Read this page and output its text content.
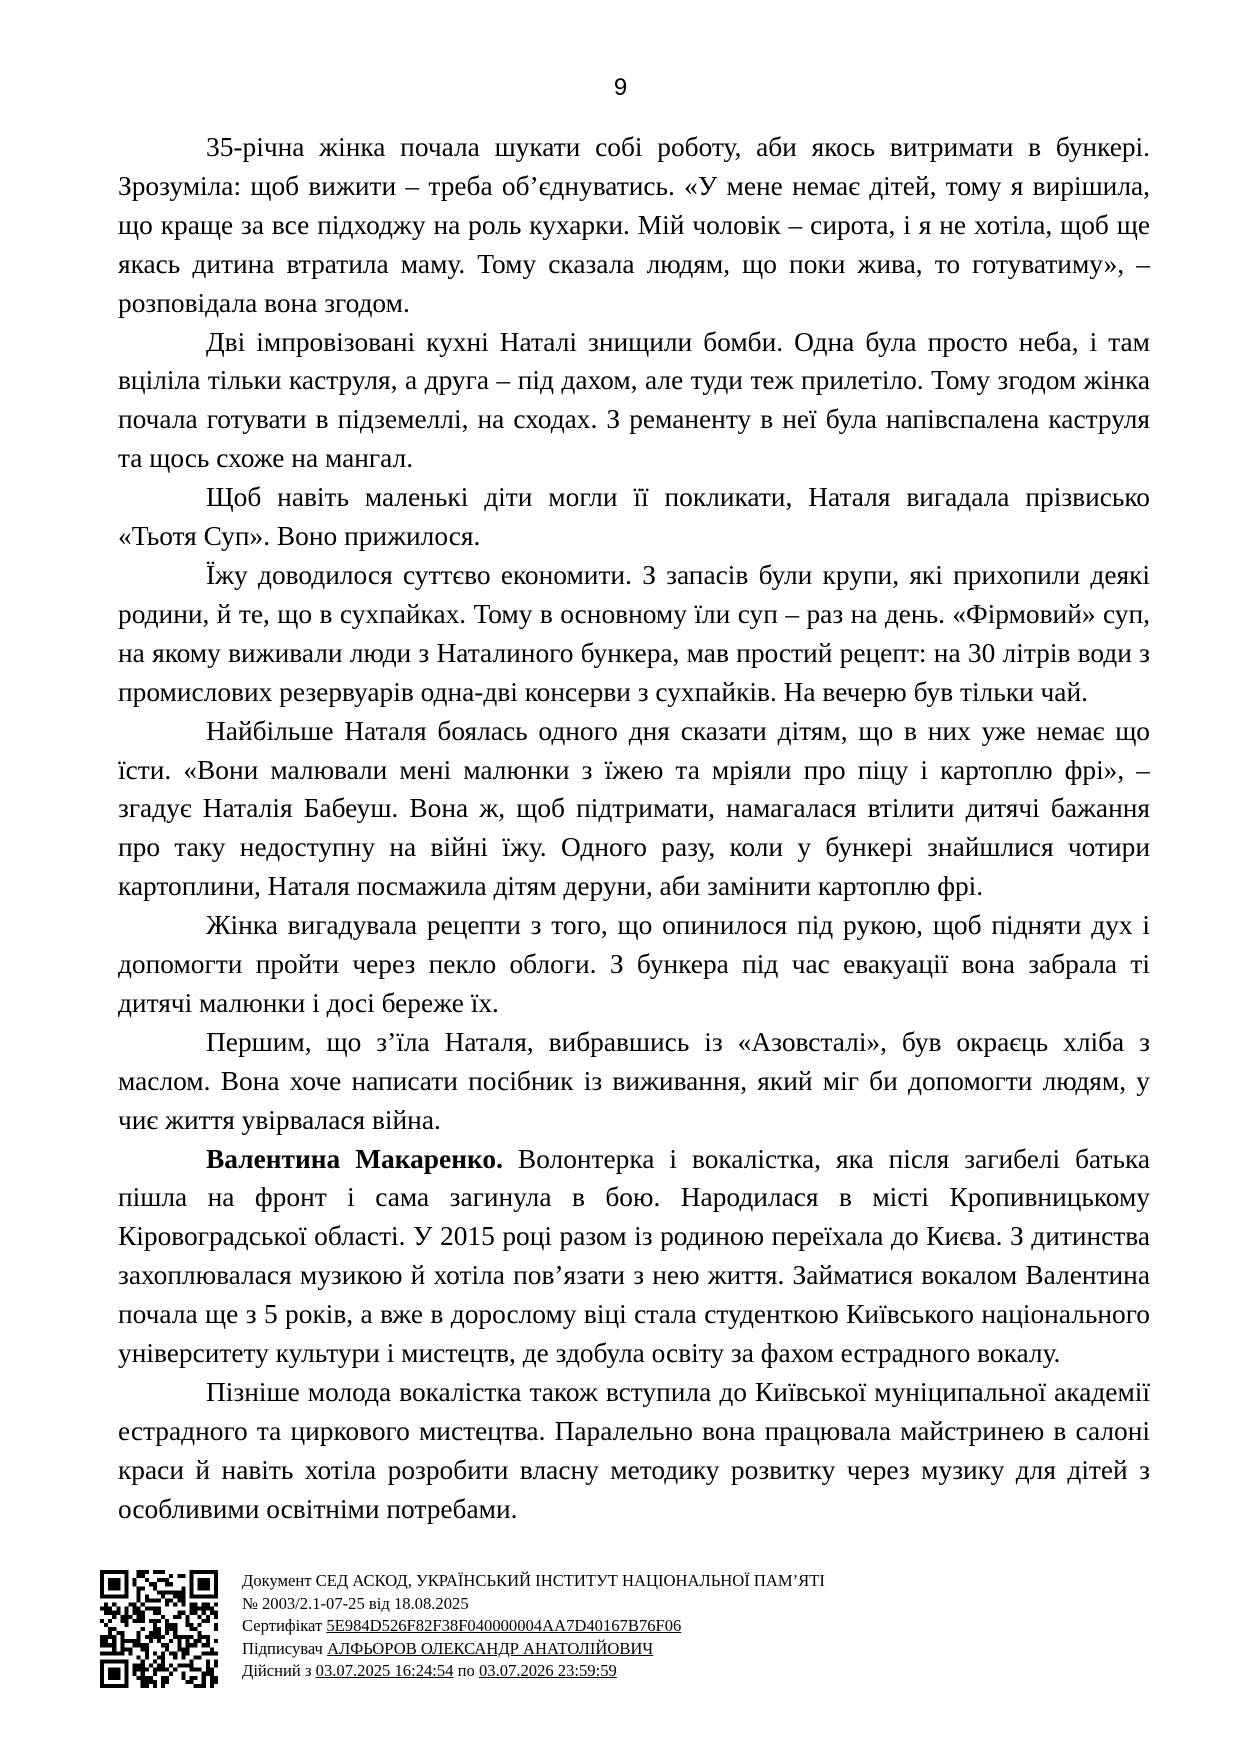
9

35-річна жінка почала шукати собі роботу, аби якось витримати в бункері. Зрозуміла: щоб вижити – треба об’єднуватись. «У мене немає дітей, тому я вирішила, що краще за все підходжу на роль кухарки. Мій чоловік – сирота, і я не хотіла, щоб ще якась дитина втратила маму. Тому сказала людям, що поки жива, то готуватиму», – розповідала вона згодом.

Дві імпровізовані кухні Наталі знищили бомби. Одна була просто неба, і там вціліла тільки каструля, а друга – під дахом, але туди теж прилетіло. Тому згодом жінка почала готувати в підземеллі, на сходах. З реманенту в неї була напівспалена каструля та щось схоже на мангал.

Щоб навіть маленькі діти могли її покликати, Наталя вигадала прізвисько «Тьотя Суп». Воно прижилося.

Їжу доводилося суттєво економити. З запасів були крупи, які прихопили деякі родини, й те, що в сухпайках. Тому в основному їли суп – раз на день. «Фірмовий» суп, на якому виживали люди з Наталиного бункера, мав простий рецепт: на 30 літрів води з промислових резервуарів одна-дві консерви з сухпайків. На вечерю був тільки чай.

Найбільше Наталя боялась одного дня сказати дітям, що в них уже немає що їсти. «Вони малювали мені малюнки з їжею та мріяли про піцу і картоплю фрі», – згадує Наталія Бабеуш. Вона ж, щоб підтримати, намагалася втілити дитячі бажання про таку недоступну на війні їжу. Одного разу, коли у бункері знайшлися чотири картоплини, Наталя посмажила дітям деруни, аби замінити картоплю фрі.

Жінка вигадувала рецепти з того, що опинилося під рукою, щоб підняти дух і допомогти пройти через пекло облоги. З бункера під час евакуації вона забрала ті дитячі малюнки і досі береже їх.

Першим, що з’їла Наталя, вибравшись із «Азовсталі», був окраєць хліба з маслом. Вона хоче написати посібник із виживання, який міг би допомогти людям, у чиє життя увірвалася війна.

Валентина Макаренко. Волонтерка і вокалістка, яка після загибелі батька пішла на фронт і сама загинула в бою. Народилася в місті Кропивницькому Кіровоградської області. У 2015 році разом із родиною переїхала до Києва. З дитинства захоплювалася музикою й хотіла пов’язати з нею життя. Займатися вокалом Валентина почала ще з 5 років, а вже в дорослому віці стала студенткою Київського національного університету культури і мистецтв, де здобула освіту за фахом естрадного вокалу.

Пізніше молода вокалістка також вступила до Київської муніципальної академії естрадного та циркового мистецтва. Паралельно вона працювала майстринею в салоні краси й навіть хотіла розробити власну методику розвитку через музику для дітей з особливими освітніми потребами.

Документ СЕД АСКОД, УКРАЇНСЬКИЙ ІНСТИТУТ НАЦІОНАЛЬНОЇ ПАМ’ЯТІ
№ 2003/2.1-07-25 від 18.08.2025
Сертифікат 5E984D526F82F38F040000004AA7D40167B76F06
Підписувач АЛФЬОРОВ ОЛЕКСАНДР АНАТОЛІЙОВИЧ
Дійсний з 03.07.2025 16:24:54 по 03.07.2026 23:59:59
